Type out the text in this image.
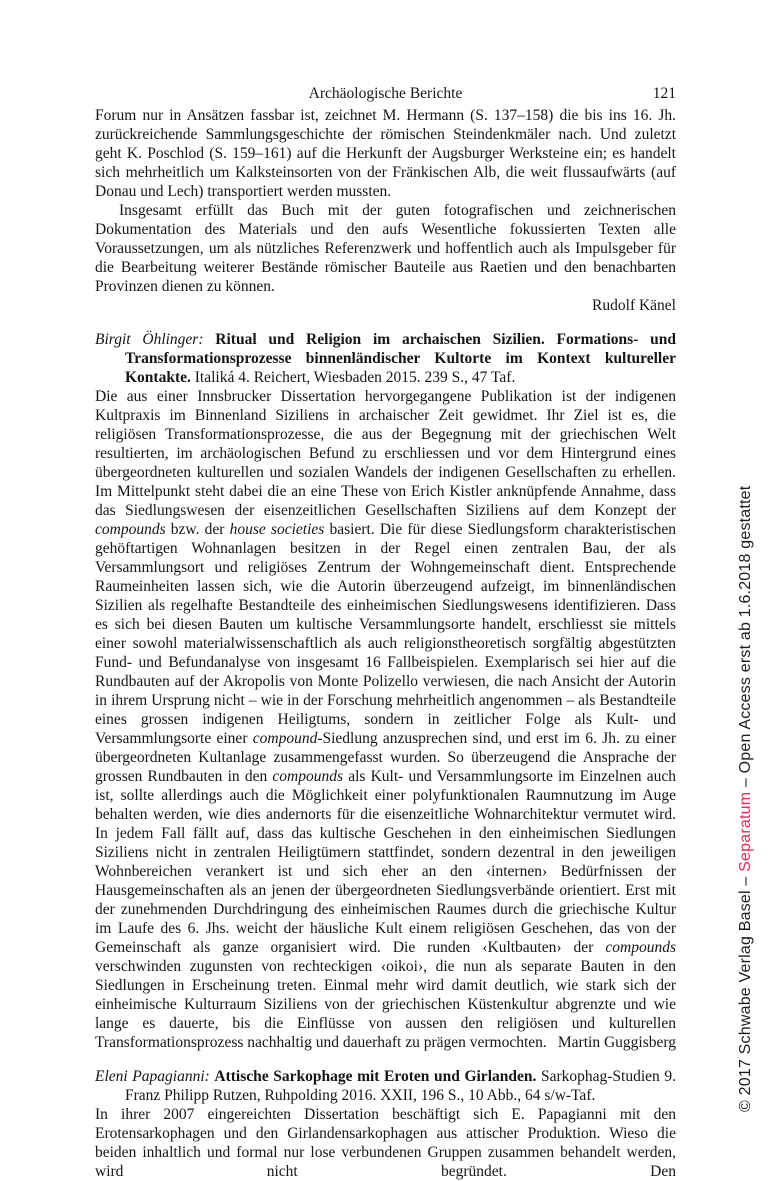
Archäologische Berichte	121

Forum nur in Ansätzen fassbar ist, zeichnet M. Hermann (S. 137–158) die bis ins 16. Jh. zurückreichende Sammlungsgeschichte der römischen Steindenkmäler nach. Und zuletzt geht K. Poschlod (S. 159–161) auf die Herkunft der Augsburger Werksteine ein; es handelt sich mehrheitlich um Kalksteinsorten von der Fränkischen Alb, die weit flussaufwärts (auf Donau und Lech) transportiert werden mussten.

Insgesamt erfüllt das Buch mit der guten fotografischen und zeichnerischen Dokumentation des Materials und den aufs Wesentliche fokussierten Texten alle Voraussetzungen, um als nützliches Referenzwerk und hoffentlich auch als Impulsgeber für die Bearbeitung weiterer Bestände römischer Bauteile aus Raetien und den benachbarten Provinzen dienen zu können.

Rudolf Känel

Birgit Öhlinger: Ritual und Religion im archaischen Sizilien. Formations- und Transformationsprozesse binnenländischer Kultorte im Kontext kultureller Kontakte. Italiká 4. Reichert, Wiesbaden 2015. 239 S., 47 Taf.

Die aus einer Innsbrucker Dissertation hervorgegangene Publikation ist der indigenen Kultpraxis im Binnenland Siziliens in archaischer Zeit gewidmet. Ihr Ziel ist es, die religiösen Transformationsprozesse, die aus der Begegnung mit der griechischen Welt resultierten, im archäologischen Befund zu erschliessen und vor dem Hintergrund eines übergeordneten kulturellen und sozialen Wandels der indigenen Gesellschaften zu erhellen. Im Mittelpunkt steht dabei die an eine These von Erich Kistler anknüpfende Annahme, dass das Siedlungswesen der eisenzeitlichen Gesellschaften Siziliens auf dem Konzept der compounds bzw. der house societies basiert. Die für diese Siedlungsform charakteristischen gehöftartigen Wohnanlagen besitzen in der Regel einen zentralen Bau, der als Versammlungsort und religiöses Zentrum der Wohngemeinschaft dient. Entsprechende Raumeinheiten lassen sich, wie die Autorin überzeugend aufzeigt, im binnenländischen Sizilien als regelhafte Bestandteile des einheimischen Siedlungswesens identifizieren. Dass es sich bei diesen Bauten um kultische Versammlungsorte handelt, erschliesst sie mittels einer sowohl materialwissenschaftlich als auch religionstheoretisch sorgfältig abgestützten Fund- und Befundanalyse von insgesamt 16 Fallbeispielen. Exemplarisch sei hier auf die Rundbauten auf der Akropolis von Monte Polizello verwiesen, die nach Ansicht der Autorin in ihrem Ursprung nicht – wie in der Forschung mehrheitlich angenommen – als Bestandteile eines grossen indigenen Heiligtums, sondern in zeitlicher Folge als Kult- und Versammlungsorte einer compound-Siedlung anzusprechen sind, und erst im 6. Jh. zu einer übergeordneten Kultanlage zusammengefasst wurden. So überzeugend die Ansprache der grossen Rundbauten in den compounds als Kult- und Versammlungsorte im Einzelnen auch ist, sollte allerdings auch die Möglichkeit einer polyfunktionalen Raumnutzung im Auge behalten werden, wie dies andernorts für die eisenzeitliche Wohnarchitektur vermutet wird. In jedem Fall fällt auf, dass das kultische Geschehen in den einheimischen Siedlungen Siziliens nicht in zentralen Heiligtümern stattfindet, sondern dezentral in den jeweiligen Wohnbereichen verankert ist und sich eher an den ‹internen› Bedürfnissen der Hausgemeinschaften als an jenen der übergeordneten Siedlungsverbände orientiert. Erst mit der zunehmenden Durchdringung des einheimischen Raumes durch die griechische Kultur im Laufe des 6. Jhs. weicht der häusliche Kult einem religiösen Geschehen, das von der Gemeinschaft als ganze organisiert wird. Die runden ‹Kultbauten› der compounds verschwinden zugunsten von rechteckigen ‹oikoi›, die nun als separate Bauten in den Siedlungen in Erscheinung treten. Einmal mehr wird damit deutlich, wie stark sich der einheimische Kulturraum Siziliens von der griechischen Küstenkultur abgrenzte und wie lange es dauerte, bis die Einflüsse von aussen den religiösen und kulturellen Transformationsprozess nachhaltig und dauerhaft zu prägen vermochten. Martin Guggisberg

Eleni Papagianni: Attische Sarkophage mit Eroten und Girlanden. Sarkophag-Studien 9. Franz Philipp Rutzen, Ruhpolding 2016. XXII, 196 S., 10 Abb., 64 s/w-Taf.

In ihrer 2007 eingereichten Dissertation beschäftigt sich E. Papagianni mit den Erotensarkophagen und den Girlandensarkophagen aus attischer Produktion. Wieso die beiden inhaltlich und formal nur lose verbundenen Gruppen zusammen behandelt werden, wird nicht begründet. Den

© 2017 Schwabe Verlag Basel – Separatum – Open Access erst ab 1.6.2018 gestattet
